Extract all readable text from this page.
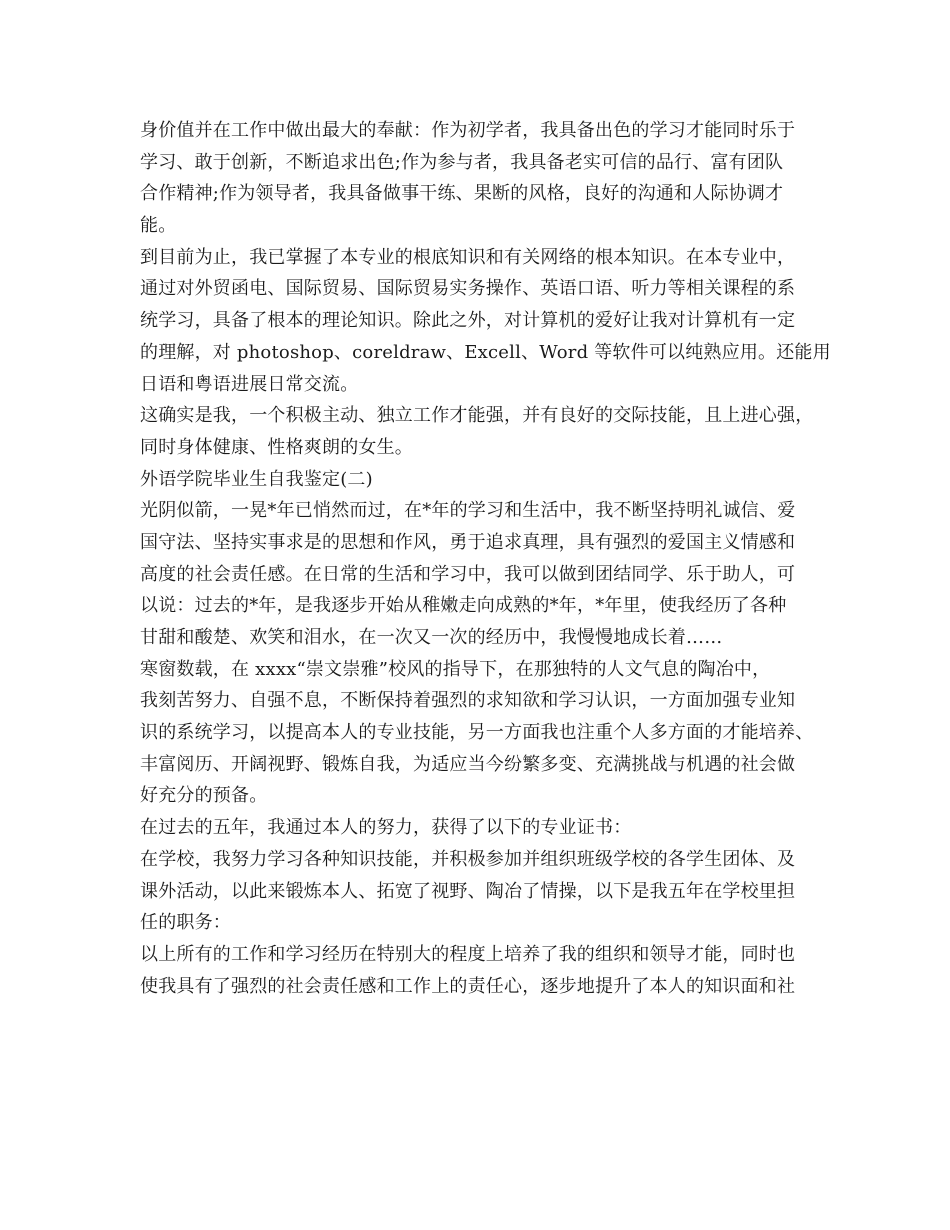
身价值并在工作中做出最大的奉献：作为初学者，我具备出色的学习才能同时乐于
学习、敢于创新，不断追求出色;作为参与者，我具备老实可信的品行、富有团队
合作精神;作为领导者，我具备做事干练、果断的风格，良好的沟通和人际协调才
能。
到目前为止，我已掌握了本专业的根底知识和有关网络的根本知识。在本专业中，
通过对外贸函电、国际贸易、国际贸易实务操作、英语口语、听力等相关课程的系
统学习，具备了根本的理论知识。除此之外，对计算机的爱好让我对计算机有一定
的理解，对 photoshop、coreldraw、Excell、Word 等软件可以纯熟应用。还能用
日语和粤语进展日常交流。
这确实是我，一个积极主动、独立工作才能强，并有良好的交际技能，且上进心强，
同时身体健康、性格爽朗的女生。
外语学院毕业生自我鉴定(二)
光阴似箭，一晃*年已悄然而过，在*年的学习和生活中，我不断坚持明礼诚信、爱
国守法、坚持实事求是的思想和作风，勇于追求真理，具有强烈的爱国主义情感和
高度的社会责任感。在日常的生活和学习中，我可以做到团结同学、乐于助人，可
以说：过去的*年，是我逐步开始从稚嫩走向成熟的*年，*年里，使我经历了各种
甘甜和酸楚、欢笑和泪水，在一次又一次的经历中，我慢慢地成长着……
寒窗数载，在 xxxx“崇文崇雅”校风的指导下，在那独特的人文气息的陶冶中，
我刻苦努力、自强不息，不断保持着强烈的求知欲和学习认识，一方面加强专业知
识的系统学习，以提高本人的专业技能，另一方面我也注重个人多方面的才能培养、
丰富阅历、开阔视野、锻炼自我，为适应当今纷繁多变、充满挑战与机遇的社会做
好充分的预备。
在过去的五年，我通过本人的努力，获得了以下的专业证书：
在学校，我努力学习各种知识技能，并积极参加并组织班级学校的各学生团体、及
课外活动，以此来锻炼本人、拓宽了视野、陶冶了情操，以下是我五年在学校里担
任的职务：
以上所有的工作和学习经历在特别大的程度上培养了我的组织和领导才能，同时也
使我具有了强烈的社会责任感和工作上的责任心，逐步地提升了本人的知识面和社
